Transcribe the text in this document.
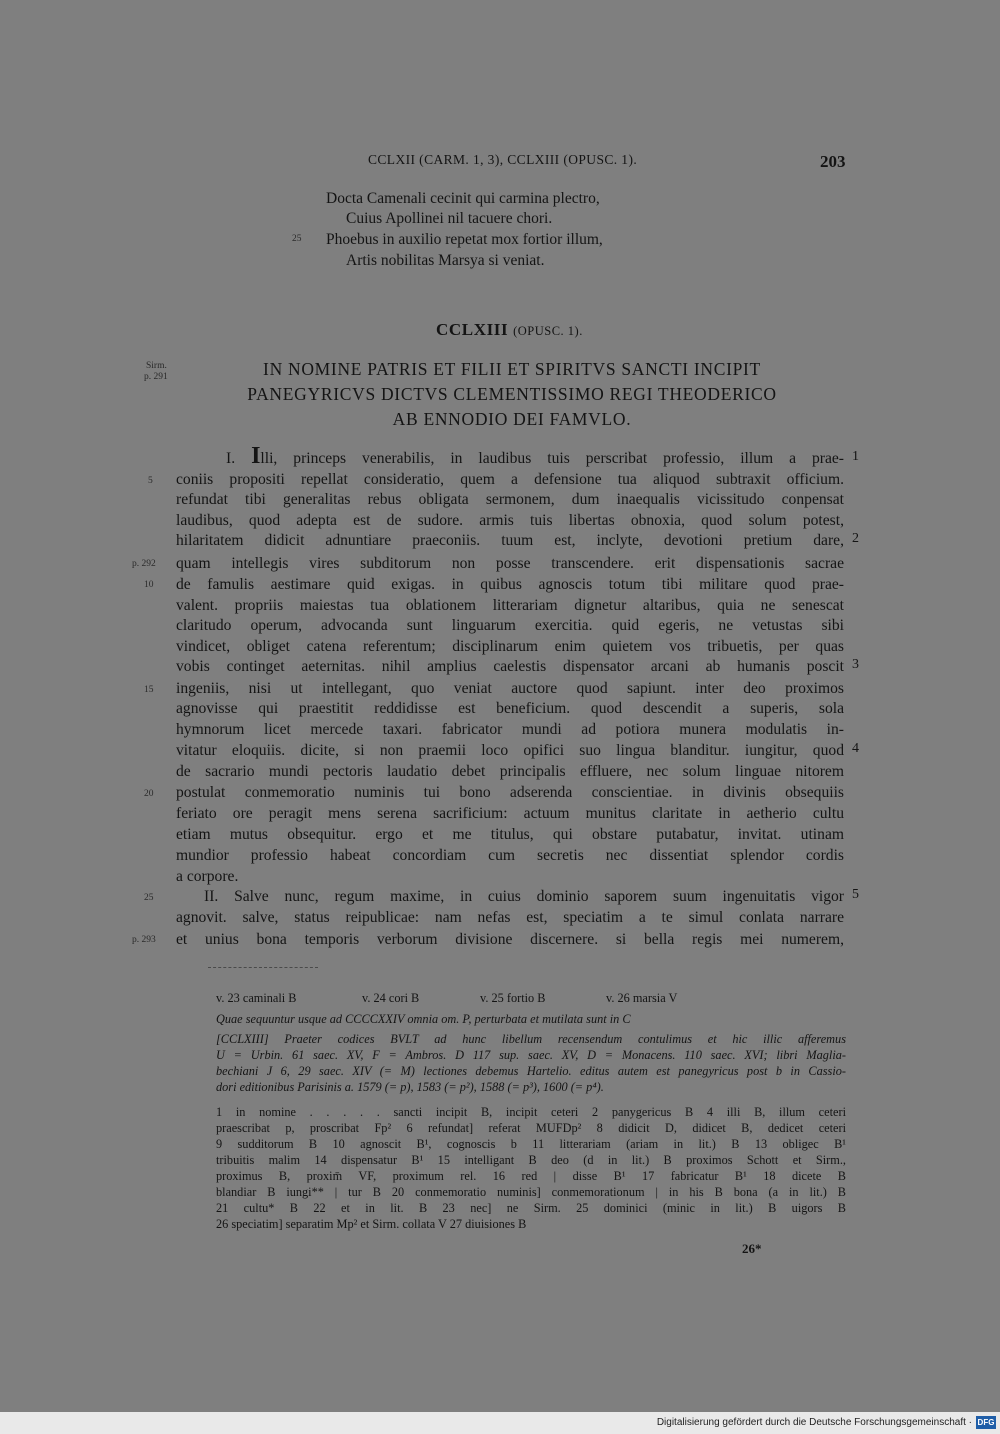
CCLXII (CARM. 1, 3), CCLXIII (OPUSC. 1).	203
Docta Camenali cecinit qui carmina plectro,
Cuius Apollinei nil tacuere chori.
25 Phoebus in auxilio repetat mox fortior illum,
Artis nobilitas Marsya si veniat.
CCLXIII (OPUSC. 1).
Sirm.
p. 291	IN NOMINE PATRIS ET FILII ET SPIRITVS SANCTI INCIPIT
PANEGYRICVS DICTVS CLEMENTISSIMO REGI THEODERICO
AB ENNODIO DEI FAMVLO.
I. Illi, princeps venerabilis, in laudibus tuis perscribat professio, illum a prae-
coniis propositi repellat consideratio, quem a defensione tua aliquod subtraxit officium.
refundat tibi generalitas rebus obligata sermonem, dum inaequalis vicissitudo conpensat
laudibus, quod adepta est de sudore. armis tuis libertas obnoxia, quod solum potest,
hilaritatem didicit adnuntiare praeconiis. tuum est, inclyte, devotioni pretium dare,
quam intellegis vires subditorum non posse transcendere. erit dispensationis sacrae
de famulis aestimare quid exigas. in quibus agnoscis totum tibi militare quod prae-
valent. propriis maiestas tua oblationem litterariam dignetur altaribus, quia ne senescat
claritudo operum, advocanda sunt linguarum exercitia. quid egeris, ne vetustas sibi
vindicet, obliget catena referentum; disciplinarum enim quietem vos tribuetis, per quas
vobis continget aeternitas. nihil amplius caelestis dispensator arcani ab humanis poscit
ingeniis, nisi ut intellegant, quo veniat auctore quod sapiunt. inter deo proximos
agnovisse qui praestitit reddidisse est beneficium. quod descendit a superis, sola
hymnorum licet mercede taxari. fabricator mundi ad potiora munera modulatis in-
vitatur eloquiis. dicite, si non praemii loco opifici suo lingua blanditur. iungitur, quod
de sacrario mundi pectoris laudatio debet principalis effluere, nec solum linguae nitorem
postulat conmemoratio numinis tui bono adserenda conscientiae. in divinis obsequiis
feriato ore peragit mens serena sacrificium: actuum munitus claritate in aetherio cultu
etiam mutus obsequitur. ergo et me titulus, qui obstare putabatur, invitat. utinam
mundior professio habeat concordiam cum secretis nec dissentiat splendor cordis
a corpore.
II. Salve nunc, regum maxime, in cuius dominio saporem suum ingenuitatis vigor
agnovit. salve, status reipublicae: nam nefas est, speciatim a te simul conlata narrare
et unius bona temporis verborum divisione discernere. si bella regis mei numerem,
1
2
3
4
5
5
10
15
20
25
p. 292
p. 293
v. 23 caminali B	v. 24 cori B	v. 25 fortio B	v. 26 marsia V
Quae sequuntur usque ad CCCCXXIV omnia om. P, perturbata et mutilata sunt in C
[CCLXIII] Praeter codices BVLT ad hunc libellum recensendum contulimus et hic illic afferemus
U = Urbin. 61 saec. XV, F = Ambros. D 117 sup. saec. XV, D = Monacens. 110 saec. XVI; libri Maglia-
bechiani J 6, 29 saec. XIV (= M) lectiones debemus Hartelio. editus autem est panegyricus post b in Cassio-
dori editionibus Parisinis a. 1579 (= p), 1583 (= p²), 1588 (= p³), 1600 (= p⁴).
1 in nomine . . . . . sancti incipit B, incipit ceteri 2 panygericus B 4 illi B, illum ceteri
praescribat p, proscribat Fp² 6 refundat] referat MUFDp² 8 didicit D, didicet B, dedicet ceteri
9 sudditorum B 10 agnoscit B¹, cognoscis b 11 litterariam (ariam in lit.) B 13 obligec B¹
tribuitis malim 14 dispensatur B¹ 15 intelligant B deo (d in lit.) B proximos Schott et Sirm.,
proximus B, proxim̄ VF, proximum rel. 16 red | disse B¹ 17 fabricatur B¹ 18 dicete B
blandiar B iungi** | tur B 20 conmemoratio numinis] conmemorationum | in his B bona (a in lit.) B
21 cultu* B 22 et in lit. B 23 nec] ne Sirm. 25 dominici (minic in lit.) B uigors B
26 speciatim] separatim Mp² et Sirm. collata V 27 diuisiones B
26*
Digitalisierung gefördert durch die Deutsche Forschungsgemeinschaft · DFG
